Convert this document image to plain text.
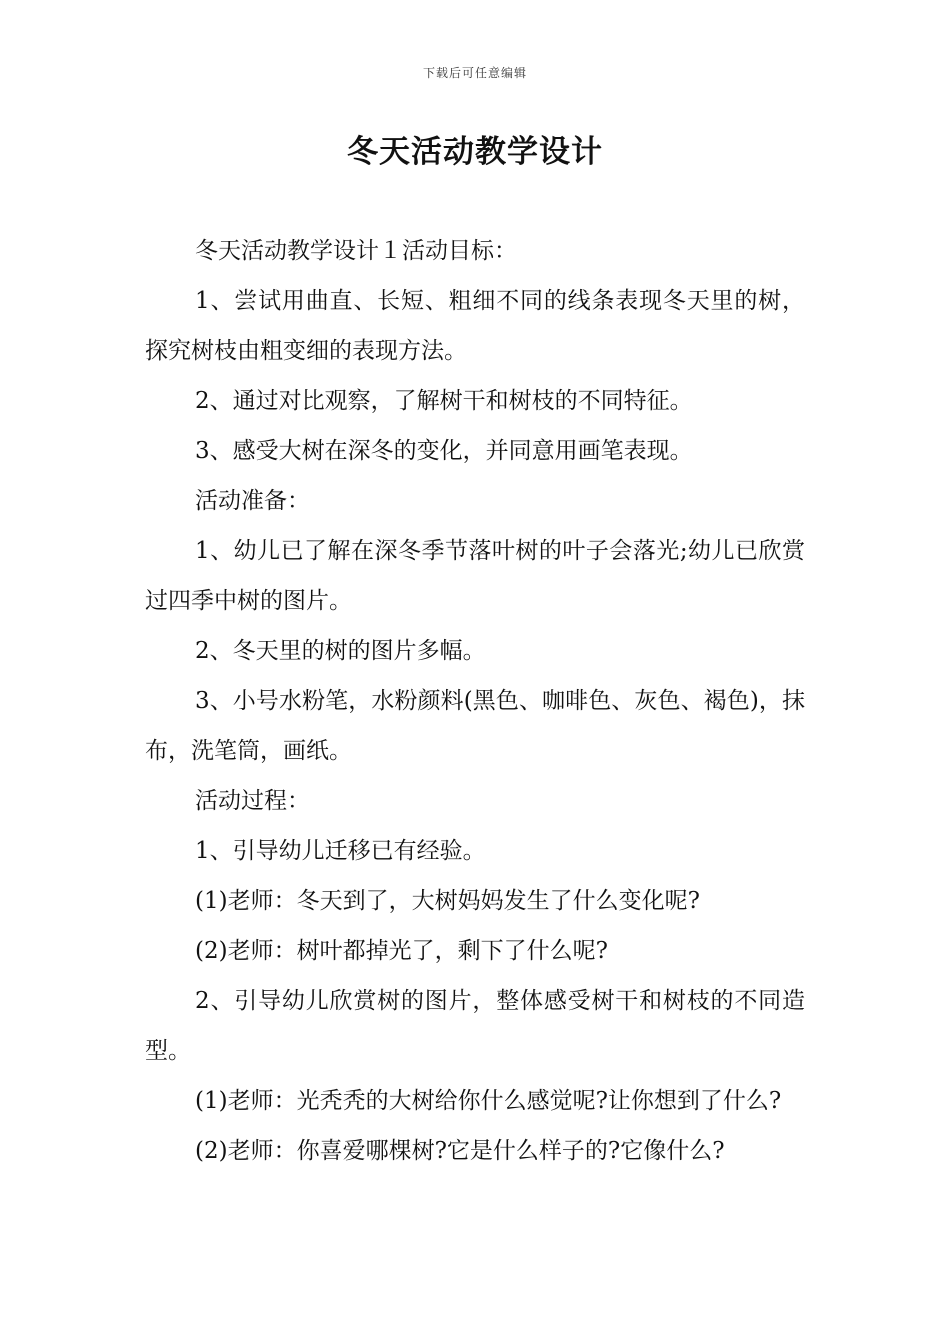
下载后可任意编辑
冬天活动教学设计

冬天活动教学设计１活动目标：

1、尝试用曲直、长短、粗细不同的线条表现冬天里的树，探究树枝由粗变细的表现方法。

2、通过对比观察，了解树干和树枝的不同特征。

3、感受大树在深冬的变化，并同意用画笔表现。

活动准备：

1、幼儿已了解在深冬季节落叶树的叶子会落光;幼儿已欣赏过四季中树的图片。

2、冬天里的树的图片多幅。

3、小号水粉笔，水粉颜料(黑色、咖啡色、灰色、褐色)，抹布，洗笔筒，画纸。

活动过程：

1、引导幼儿迁移已有经验。

(1)老师：冬天到了，大树妈妈发生了什么变化呢?

(2)老师：树叶都掉光了，剩下了什么呢?

2、引导幼儿欣赏树的图片，整体感受树干和树枝的不同造型。

(1)老师：光秃秃的大树给你什么感觉呢?让你想到了什么?

(2)老师：你喜爱哪棵树?它是什么样子的?它像什么?
